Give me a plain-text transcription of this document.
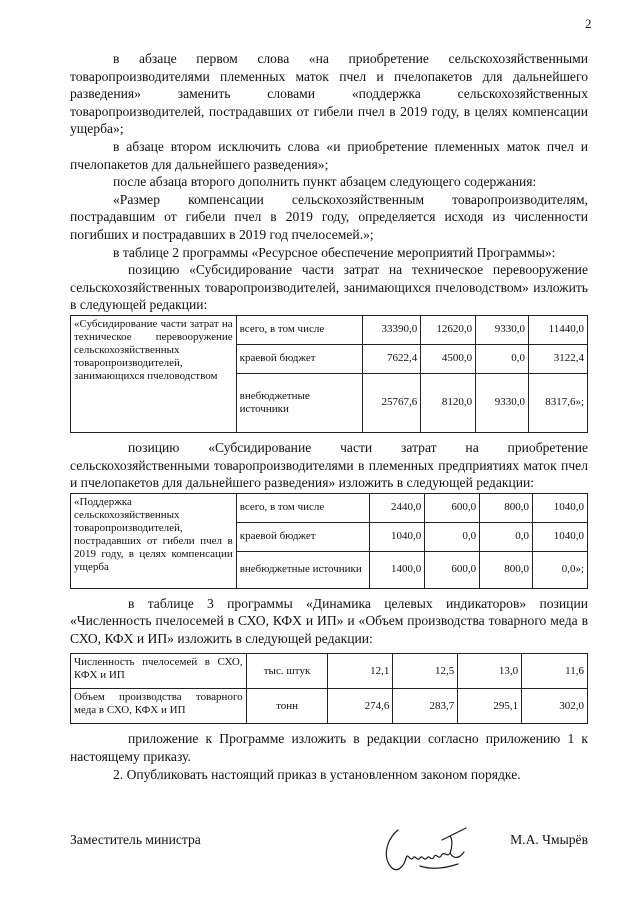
2

в абзаце первом слова «на приобретение сельскохозяйственными товаропроизводителями племенных маток пчел и пчелопакетов для дальнейшего разведения» заменить словами «поддержка сельскохозяйственных товаропроизводителей, пострадавших от гибели пчел в 2019 году, в целях компенсации ущерба»;

в абзаце втором исключить слова «и приобретение племенных маток пчел и пчелопакетов для дальнейшего разведения»;

после абзаца второго дополнить пункт абзацем следующего содержания:

«Размер компенсации сельскохозяйственным товаропроизводителям, пострадавшим от гибели пчел в 2019 году, определяется исходя из численности погибших и пострадавших в 2019 год пчелосемей.»;

в таблице 2 программы «Ресурсное обеспечение мероприятий Программы»:

позицию «Субсидирование части затрат на техническое перевооружение сельскохозяйственных товаропроизводителей, занимающихся пчеловодством» изложить в следующей редакции:

«Субсидирование части затрат на техническое перевооружение сельскохозяйственных товаропроизводителей, занимающихся пчеловодством	всего, в том числе	33390,0	12620,0	9330,0	11440,0
	краевой бюджет	7622,4	4500,0	0,0	3122,4
	внебюджетные источники	25767,6	8120,0	9330,0	8317,6»;

позицию «Субсидирование части затрат на приобретение сельскохозяйственными товаропроизводителями в племенных предприятиях маток пчел и пчелопакетов для дальнейшего разведения» изложить в следующей редакции:

«Поддержка сельскохозяйственных товаропроизводителей, пострадавших от гибели пчел в 2019 году, в целях компенсации ущерба	всего, в том числе	2440,0	600,0	800,0	1040,0
	краевой бюджет	1040,0	0,0	0,0	1040,0
	внебюджетные источники	1400,0	600,0	800,0	0,0»;

в таблице 3 программы «Динамика целевых индикаторов» позиции «Численность пчелосемей в СХО, КФХ и ИП» и «Объем производства товарного меда в СХО, КФХ и ИП» изложить в следующей редакции:

Численность пчелосемей в СХО, КФХ и ИП	тыс. штук	12,1	12,5	13,0	11,6
Объем производства товарного меда в СХО, КФХ и ИП	тонн	274,6	283,7	295,1	302,0

приложение к Программе изложить в редакции согласно приложению 1 к настоящему приказу.

2. Опубликовать настоящий приказ в установленном законом порядке.

Заместитель министра	М.А. Чмырёв
